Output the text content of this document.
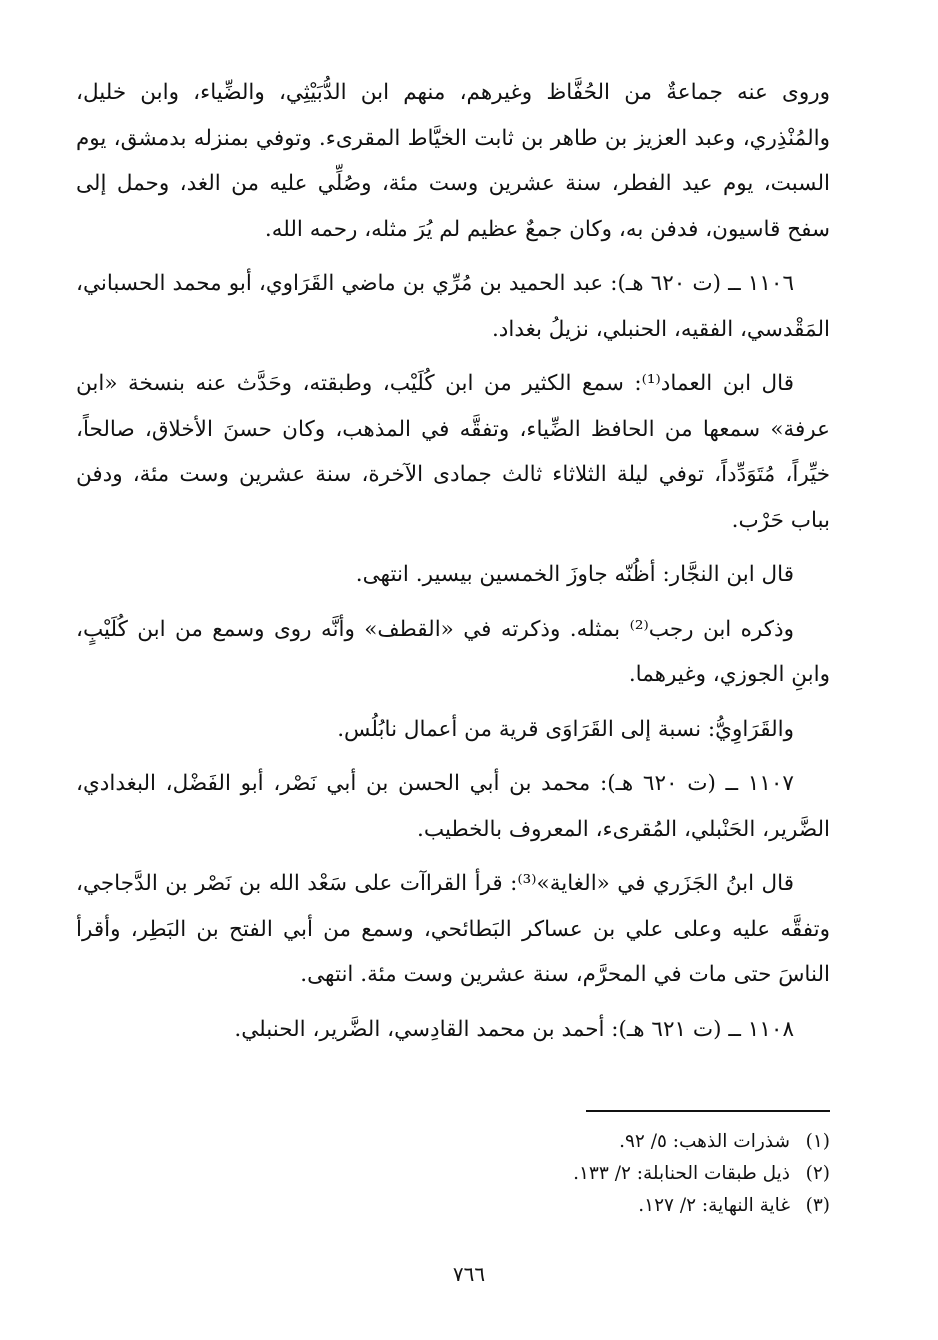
وروى عنه جماعةٌ من الحُفَّاظ وغيرهم، منهم ابن الدُّبَيْثِي، والضِّياء، وابن خليل، والمُنْذِري، وعبد العزيز بن طاهر بن ثابت الخيَّاط المقرىء. وتوفي بمنزله بدمشق، يوم السبت، يوم عيد الفطر، سنة عشرين وست مئة، وصُلِّي عليه من الغد، وحمل إلى سفح قاسيون، فدفن به، وكان جمعٌ عظيم لم يُرَ مثله، رحمه الله.

١١٠٦ ــ (ت ٦٢٠ هـ): عبد الحميد بن مُرِّي بن ماضي القَرَاوي، أبو محمد الحسباني، المَقْدسي، الفقيه، الحنبلي، نزيلُ بغداد.

قال ابن العماد⁽¹⁾: سمع الكثير من ابن كُلَيْب، وطبقته، وحَدَّث عنه بنسخة «ابن عرفة» سمعها من الحافظ الضِّياء، وتفقَّه في المذهب، وكان حسنَ الأخلاق، صالحاً، خيِّراً، مُتَوَدِّداً، توفي ليلة الثلاثاء ثالث جمادى الآخرة، سنة عشرين وست مئة، ودفن بباب حَرْب.

قال ابن النجَّار: أظُنّه جاوزَ الخمسين بيسير. انتهى.

وذكره ابن رجب⁽²⁾ بمثله. وذكرته في «القطف» وأنَّه روى وسمع من ابن كُلَيْبٍ، وابنِ الجوزي، وغيرهما.

والقَرَاوِيُّ: نسبة إلى القَرَاوَى قرية من أعمال نابُلُس.

١١٠٧ ــ (ت ٦٢٠ هـ): محمد بن أبي الحسن بن أبي نَصْر، أبو الفَضْل، البغدادي، الضَّرير، الحَنْبلي، المُقرىء، المعروف بالخطيب.

قال ابنُ الجَزَري في «الغاية»⁽³⁾: قرأ القراآت على سَعْد الله بن نَصْر بن الدَّجاجي، وتفقَّه عليه وعلى علي بن عساكر البَطائحي، وسمع من أبي الفتح بن البَطِر، وأقرأ الناسَ حتى مات في المحرَّم، سنة عشرين وست مئة. انتهى.

١١٠٨ ــ (ت ٦٢١ هـ): أحمد بن محمد القادِسي، الضَّرير، الحنبلي.

(١)
شذرات الذهب: ٥/ ٩٢.
(٢)
ذيل طبقات الحنابلة: ٢/ ١٣٣.
(٣)
غاية النهاية: ٢/ ١٢٧.
٧٦٦
